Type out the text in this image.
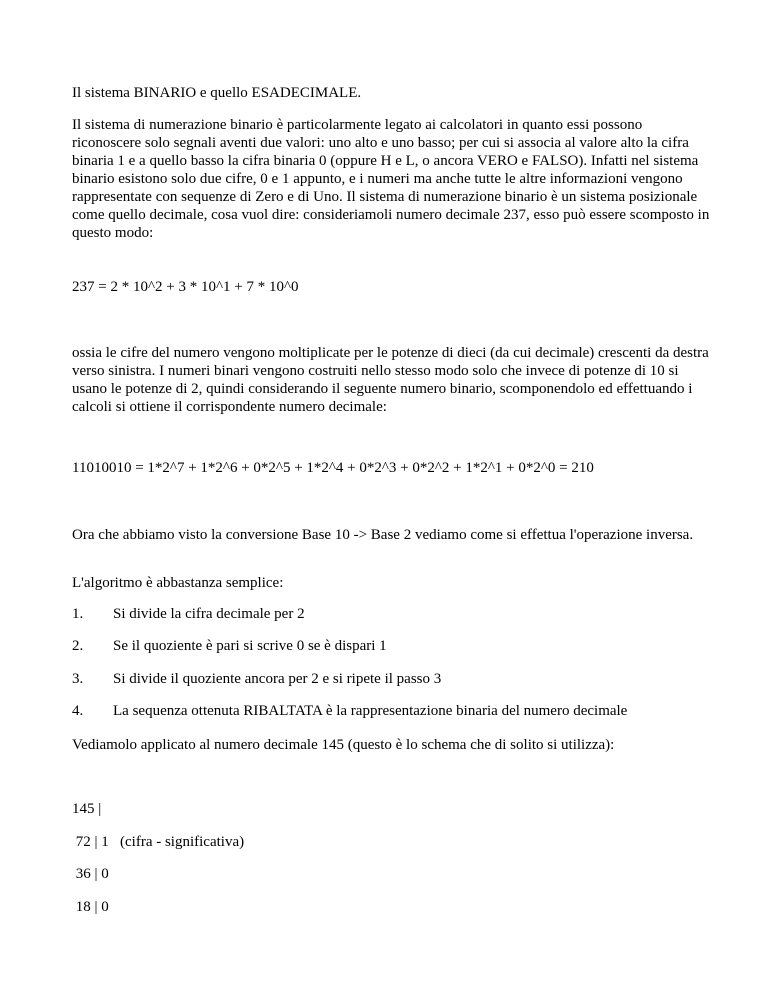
Il sistema BINARIO e quello ESADECIMALE.

Il sistema di numerazione binario è particolarmente legato ai calcolatori in quanto essi possono riconoscere solo segnali aventi due valori: uno alto e uno basso; per cui si associa al valore alto la cifra binaria 1 e a quello basso la cifra binaria 0 (oppure H e L, o ancora VERO e FALSO). Infatti nel sistema binario esistono solo due cifre, 0 e 1 appunto, e i numeri ma anche tutte le altre informazioni vengono rappresentate con sequenze di Zero e di Uno. Il sistema di numerazione binario è un sistema posizionale come quello decimale, cosa vuol dire: consideriamoli numero decimale 237, esso può essere scomposto in questo modo:

237 = 2 * 10^2 + 3 * 10^1 + 7 * 10^0

ossia le cifre del numero vengono moltiplicate per le potenze di dieci (da cui decimale) crescenti da destra verso sinistra. I numeri binari vengono costruiti nello stesso modo solo che invece di potenze di 10 si usano le potenze di 2, quindi considerando il seguente numero binario, scomponendolo ed effettuando i calcoli si ottiene il corrispondente numero decimale:

11010010 = 1*2^7 + 1*2^6 + 0*2^5 + 1*2^4 + 0*2^3 + 0*2^2 + 1*2^1 + 0*2^0 = 210

Ora che abbiamo visto la conversione Base 10 -> Base 2 vediamo come si effettua l'operazione inversa.

L'algoritmo è abbastanza semplice:

1. Si divide la cifra decimale per 2
2. Se il quoziente è pari si scrive 0 se è dispari 1
3. Si divide il quoziente ancora per 2 e si ripete il passo 3
4. La sequenza ottenuta RIBALTATA è la rappresentazione binaria del numero decimale

Vediamolo applicato al numero decimale 145 (questo è lo schema che di solito si utilizza):

145 |

72 | 1   (cifra - significativa)

36 | 0

18 | 0
